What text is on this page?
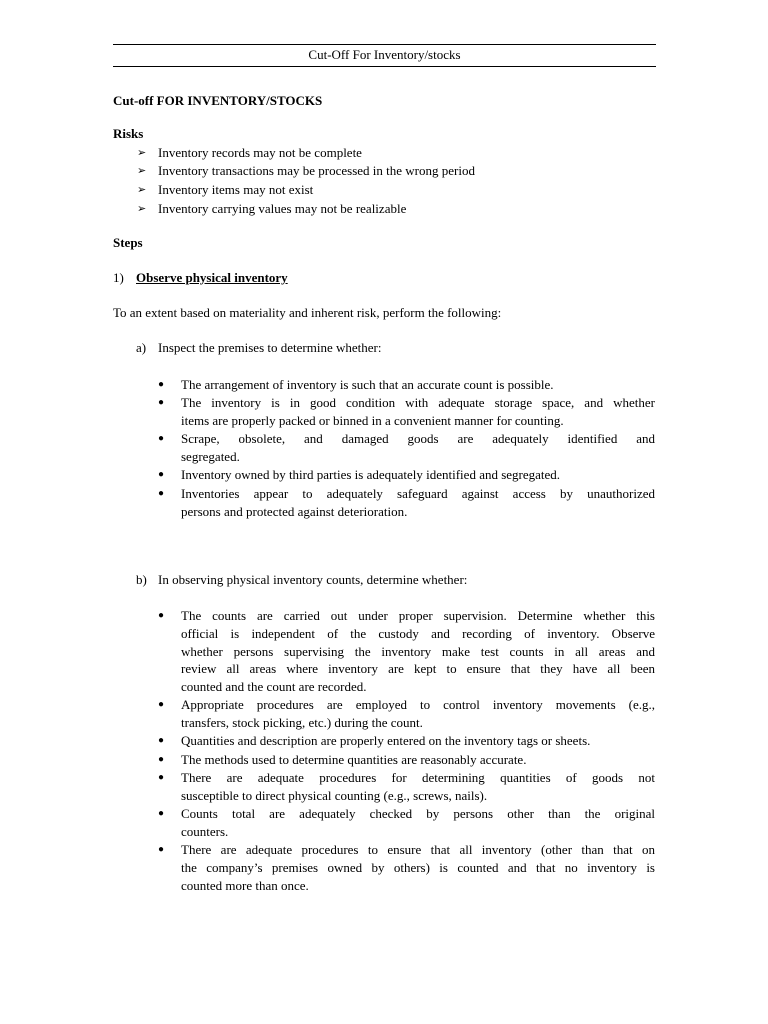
Cut-Off For Inventory/stocks
Cut-off FOR INVENTORY/STOCKS
Risks
➢ Inventory records may not be complete
➢ Inventory transactions may be processed in the wrong period
➢ Inventory items may not exist
➢ Inventory carrying values may not be realizable
Steps
1) Observe physical inventory
To an extent based on materiality and inherent risk, perform the following:
a) Inspect the premises to determine whether:
● The arrangement of inventory is such that an accurate count is possible.
● The inventory is in good condition with adequate storage space, and whether
items are properly packed or binned in a convenient manner for counting.
● Scrape, obsolete, and damaged goods are adequately identified and
segregated.
● Inventory owned by third parties is adequately identified and segregated.
● Inventories appear to adequately safeguard against access by unauthorized
persons and protected against deterioration.
b) In observing physical inventory counts, determine whether:
● The counts are carried out under proper supervision. Determine whether this
official is independent of the custody and recording of inventory. Observe
whether persons supervising the inventory make test counts in all areas and
review all areas where inventory are kept to ensure that they have all been
counted and the count are recorded.
● Appropriate procedures are employed to control inventory movements (e.g.,
transfers, stock picking, etc.) during the count.
● Quantities and description are properly entered on the inventory tags or sheets.
● The methods used to determine quantities are reasonably accurate.
● There are adequate procedures for determining quantities of goods not
susceptible to direct physical counting (e.g., screws, nails).
● Counts total are adequately checked by persons other than the original
counters.
● There are adequate procedures to ensure that all inventory (other than that on
the company’s premises owned by others) is counted and that no inventory is
counted more than once.
